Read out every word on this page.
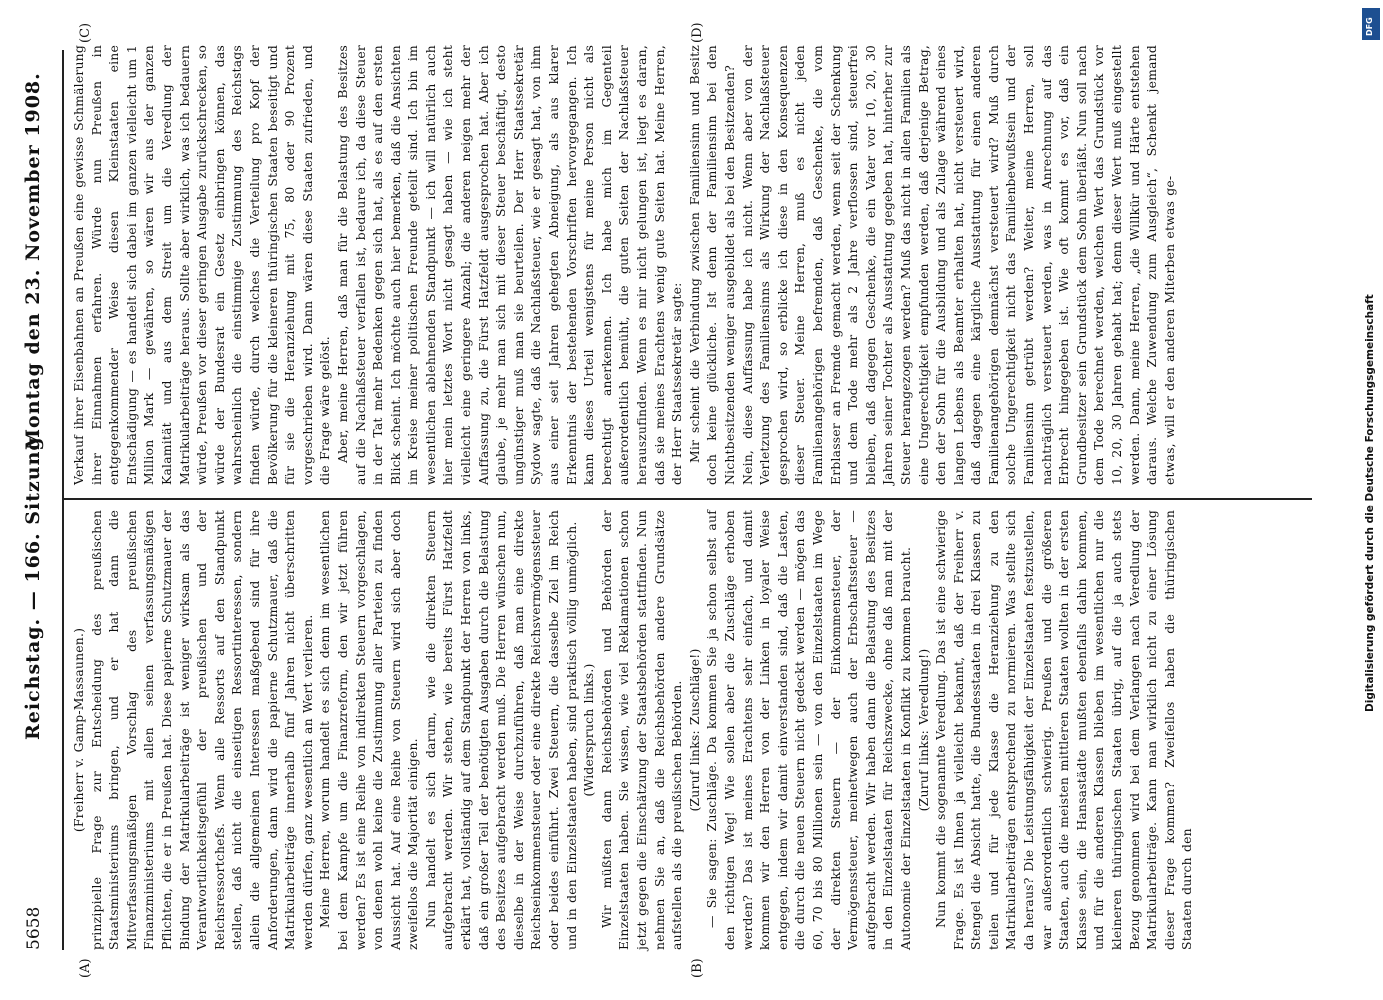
5658
Reichstag. — 166. Sitzung.
Montag den 23. November 1908.
(A)	(B)
(C)	(D)

(Freiherr v. Gamp-Massaunen.) prinzipielle Frage zur Entscheidung des preußischen Staatsministeriums bringen, und er hat dann die Mitverfassungsmäßigen Vorschlag des preußischen Finanzministeriums mit allen seinen verfassungsmäßigen Pflichten, die er in Preußen hat. Diese papierne Schutzmauer der Bindung der Matrikularbeiträge ist weniger wirksam als das Verantwortlichkeitsgefühl der preußischen und der Reichsressortchefs. Wenn alle Ressorts auf den Standpunkt stellen, daß nicht die einseitigen Ressortinteressen, sondern allein die allgemeinen Interessen maßgebend sind für ihre Anforderungen, dann wird die papierne Schutzmauer, daß die Matrikularbeiträge innerhalb fünf Jahren nicht überschritten werden dürfen, ganz wesentlich an Wert verlieren. Meine Herren, worum handelt es sich denn im wesentlichen bei dem Kampfe um die Finanzreform, den wir jetzt führen werden? Es ist eine Reihe von indirekten Steuern vorgeschlagen, von denen wohl keine die Zustimmung aller Parteien zu finden Aussicht hat. Auf eine Reihe von Steuern wird sich aber doch zweifellos die Majorität einigen. Nun handelt es sich darum, wie die direkten Steuern aufgebracht werden. Wir stehen, wie bereits Fürst Hatzfeldt erklärt hat, vollständig auf dem Standpunkt der Herren von links, daß ein großer Teil der benötigten Ausgaben durch die Belastung des Besitzes aufgebracht werden muß. Die Herren wünschen nun, dieselbe in der Weise durchzuführen, daß man eine direkte Reichseinkommensteuer oder eine direkte Reichsvermögenssteuer oder beides einführt. Zwei Steuern, die dasselbe Ziel im Reich und in den Einzelstaaten haben, sind praktisch völlig unmöglich. (Widerspruch links.) Wir müßten dann Reichsbehörden und Behörden der Einzelstaaten haben. Sie wissen, wie viel Reklamationen schon jetzt gegen die Einschätzung der Staatsbehörden stattfinden. Nun nehmen Sie an, daß die Reichsbehörden andere Grundsätze aufstellen als die preußischen Behörden. (Zuruf links: Zuschläge!) — Sie sagen: Zuschläge. Da kommen Sie ja schon selbst auf den richtigen Weg! Wie sollen aber die Zuschläge erhoben werden? Das ist meines Erachtens sehr einfach, und damit kommen wir den Herren von der Linken in loyaler Weise entgegen, indem wir damit einverstanden sind, daß die Lasten, die durch die neuen Steuern nicht gedeckt werden — mögen das 60, 70 bis 80 Millionen sein — von den Einzelstaaten im Wege der direkten Steuern — der Einkommensteuer, der Vermögenssteuer, meinetwegen auch der Erbschaftssteuer — aufgebracht werden. Wir haben dann die Belastung des Besitzes in den Einzelstaaten für Reichszwecke, ohne daß man mit der Autonomie der Einzelstaaten in Konflikt zu kommen braucht. (Zuruf links: Veredlung!) Nun kommt die sogenannte Veredlung. Das ist eine schwierige Frage. Es ist Ihnen ja vielleicht bekannt, daß der Freiherr v. Stengel die Absicht hatte, die Bundesstaaten in drei Klassen zu teilen und für jede Klasse die Heranziehung zu den Matrikularbeiträgen entsprechend zu normieren. Was stellte sich da heraus? Die Leistungsfähigkeit der Einzelstaaten festzustellen, war außerordentlich schwierig. Preußen und die größeren Staaten, auch die meisten mittleren Staaten wollten in der ersten Klasse sein, die Hansastädte mußten ebenfalls dahin kommen, und für die anderen Klassen blieben im wesentlichen nur die kleineren thüringischen Staaten übrig, auf die ja auch stets Bezug genommen wird bei dem Verlangen nach Veredlung der Matrikularbeiträge. Kann man wirklich nicht zu einer Lösung dieser Frage kommen? Zweifellos haben die thüringischen Staaten durch den

Verkauf ihrer Eisenbahnen an Preußen eine gewisse Schmälerung ihrer Einnahmen erfahren. Würde nun Preußen in entgegenkommender Weise diesen Kleinstaaten eine Entschädigung — es handelt sich dabei im ganzen vielleicht um 1 Million Mark — gewähren, so wären wir aus der ganzen Kalamität und aus dem Streit um die Veredlung der Matrikularbeiträge heraus. Sollte aber wirklich, was ich bedauern würde, Preußen vor dieser geringen Ausgabe zurückschrecken, so würde der Bundesrat ein Gesetz einbringen können, das wahrscheinlich die einstimmige Zustimmung des Reichstags finden würde, durch welches die Verteilung pro Kopf der Bevölkerung für die kleineren thüringischen Staaten beseitigt und für sie die Heranziehung mit 75, 80 oder 90 Prozent vorgeschrieben wird. Dann wären diese Staaten zufrieden, und die Frage wäre gelöst. Aber, meine Herren, daß man für die Belastung des Besitzes auf die Nachlaßsteuer verfallen ist, bedaure ich, da diese Steuer in der Tat mehr Bedenken gegen sich hat, als es auf den ersten Blick scheint. Ich möchte auch hier bemerken, daß die Ansichten im Kreise meiner politischen Freunde geteilt sind. Ich bin im wesentlichen ablehnenden Standpunkt — ich will natürlich auch hier mein letztes Wort nicht gesagt haben — wie ich steht vielleicht eine geringere Anzahl; die anderen neigen mehr der Auffassung zu, die Fürst Hatzfeldt ausgesprochen hat. Aber ich glaube, je mehr man sich mit dieser Steuer beschäftigt, desto ungünstiger muß man sie beurteilen. Der Herr Staatssekretär Sydow sagte, daß die Nachlaßsteuer, wie er gesagt hat, von ihm aus einer seit Jahren gehegten Abneigung, als aus klarer Erkenntnis der bestehenden Vorschriften hervorgegangen. Ich kann dieses Urteil wenigstens für meine Person nicht als berechtigt anerkennen. Ich habe mich im Gegenteil außerordentlich bemüht, die guten Seiten der Nachlaßsteuer herauszufinden. Wenn es mir nicht gelungen ist, liegt es daran, daß sie meines Erachtens wenig gute Seiten hat. Meine Herren, der Herr Staatssekretär sagte: Mir scheint die Verbindung zwischen Familiensinn und Besitz doch keine glückliche. Ist denn der Familiensinn bei den Nichtbesitzenden weniger ausgebildet als bei den Besitzenden? Nein, diese Auffassung habe ich nicht. Wenn aber von der Verletzung des Familiensinns als Wirkung der Nachlaßsteuer gesprochen wird, so erblicke ich diese in den Konsequenzen dieser Steuer. Meine Herren, muß es nicht jeden Familienangehörigen befremden, daß Geschenke, die vom Erblasser an Fremde gemacht werden, wenn seit der Schenkung und dem Tode mehr als 2 Jahre verflossen sind, steuerfrei bleiben, daß dagegen Geschenke, die ein Vater vor 10, 20, 30 Jahren seiner Tochter als Ausstattung gegeben hat, hinterher zur Steuer herangezogen werden? Muß das nicht in allen Familien als eine Ungerechtigkeit empfunden werden, daß derjenige Betrag, den der Sohn für die Ausbildung und als Zulage während eines langen Lebens als Beamter erhalten hat, nicht versteuert wird, daß dagegen eine kärgliche Ausstattung für einen anderen Familienangehörigen demnächst versteuert wird? Muß durch solche Ungerechtigkeit nicht das Familienbewußtsein und der Familiensinn getrübt werden? Weiter, meine Herren, soll nachträglich versteuert werden, was in Anrechnung auf das Erbrecht hingegeben ist. Wie oft kommt es vor, daß ein Grundbesitzer sein Grundstück dem Sohn überläßt. Nun soll nach dem Tode berechnet werden, welchen Wert das Grundstück vor 10, 20, 30 Jahren gehabt hat; denn dieser Wert muß eingestellt werden. Dann, meine Herren, „die Willkür und Härte entstehen daraus. Welche Zuwendung zum Ausgleich“, Schenkt jemand etwas, will er den anderen Miterben etwas ge-

DFG
Digitalisierung gefördert durch die Deutsche Forschungsgemeinschaft
